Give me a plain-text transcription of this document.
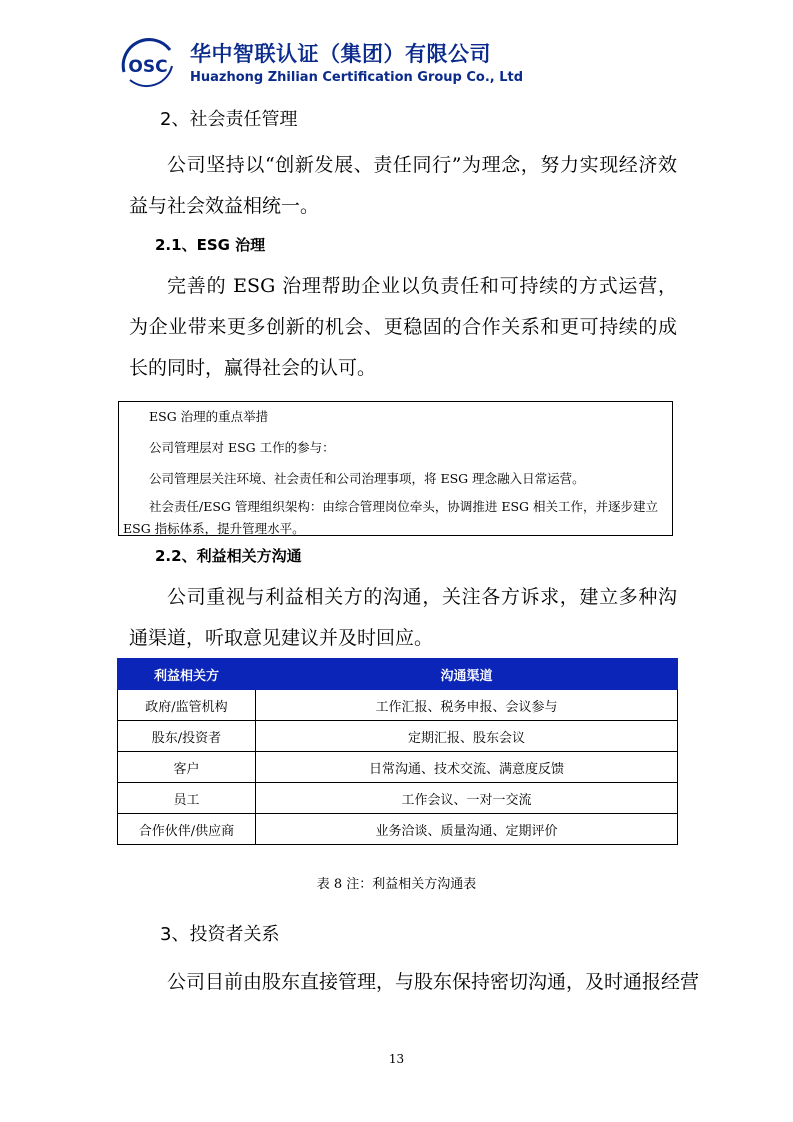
OSC
华中智联认证（集团）有限公司
Huazhong Zhilian Certification Group Co., Ltd
2、社会责任管理
公司坚持以“创新发展、责任同行”为理念，努力实现经济效益与社会效益相统一。
2.1、ESG 治理
完善的 ESG 治理帮助企业以负责任和可持续的方式运营，为企业带来更多创新的机会、更稳固的合作关系和更可持续的成长的同时，赢得社会的认可。
ESG 治理的重点举措
公司管理层对 ESG 工作的参与：
公司管理层关注环境、社会责任和公司治理事项，将 ESG 理念融入日常运营。
社会责任/ESG 管理组织架构：由综合管理岗位牵头，协调推进 ESG 相关工作，并逐步建立 ESG 指标体系，提升管理水平。
2.2、利益相关方沟通
公司重视与利益相关方的沟通，关注各方诉求，建立多种沟通渠道，听取意见建议并及时回应。
利益相关方	沟通渠道
政府/监管机构	工作汇报、税务申报、会议参与
股东/投资者	定期汇报、股东会议
客户	日常沟通、技术交流、满意度反馈
员工	工作会议、一对一交流
合作伙伴/供应商	业务洽谈、质量沟通、定期评价
表 8 注：利益相关方沟通表
3、投资者关系
公司目前由股东直接管理，与股东保持密切沟通，及时通报经营
13
